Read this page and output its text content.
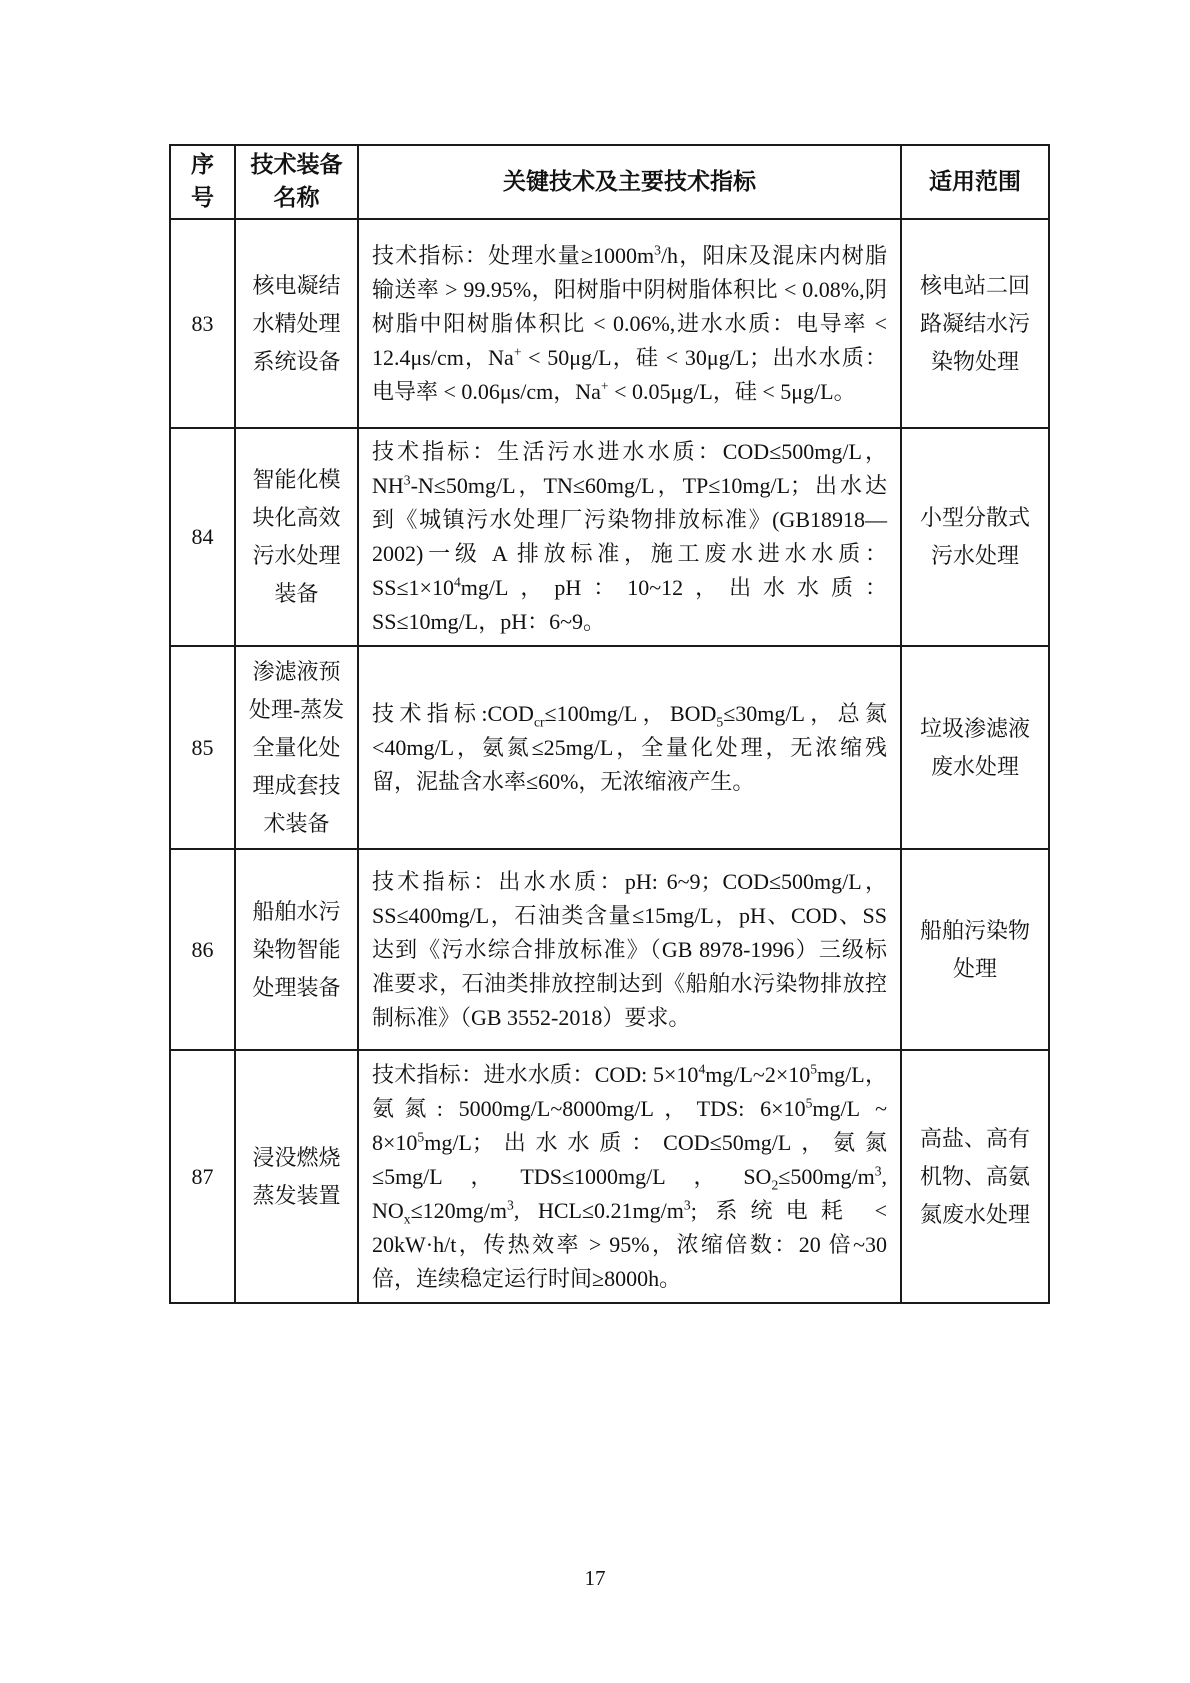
序号	技术装备名称	关键技术及主要技术指标	适用范围
83	核电凝结水精处理系统设备	技术指标：处理水量$\ge 1000m^3/h$，阳床及混床内树脂输送率 > 99.95%，阳树脂中阴树脂体积比 < 0.08%,阴树脂中阳树脂体积比 < 0.06%,进水水质：电导率 < 12.4μs/cm，Na+ < 50μg/L，硅 < 30μg/L；出水水质：电导率 < 0.06μs/cm，Na+ < 0.05μg/L，硅 < 5μg/L。	核电站二回路凝结水污染物处理
84	智能化模块化高效污水处理装备	技术指标：生活污水进水水质：COD≤500mg/L，$NH^3-N\le 50mg/L$，TN≤60mg/L，TP≤10mg/L；出水达到《城镇污水处理厂污染物排放标准》(GB18918—2002)一级 A 排放标准，施工废水进水水质：$SS\le 1\times 10^4mg/L$，pH：10~12，出水水质：SS≤10mg/L，pH：6~9。	小型分散式污水处理
85	渗滤液预处理-蒸发全量化处理成套技术装备	技术指标$:COD_{cr}\le 100mg/L$，$BOD_5\le 30mg/L$，总氮<40mg/L，氨氮≤25mg/L，全量化处理，无浓缩残留，泥盐含水率≤60%，无浓缩液产生。	垃圾渗滤液废水处理
86	船舶水污染物智能处理装备	技术指标：出水水质：pH: 6~9；COD≤500mg/L，SS≤400mg/L，石油类含量≤15mg/L，pH、COD、SS 达到《污水综合排放标准》（GB 8978-1996）三级标准要求，石油类排放控制达到《船舶水污染物排放控制标准》（GB 3552-2018）要求。	船舶污染物处理
87	浸没燃烧蒸发装置	技术指标：进水水质：COD: $5\times 10^4mg/L\sim 2\times 10^5mg/L$，氨氮: 5000mg/L~8000mg/L，TDS: $6\times 10^5mg/L$ ~ $8\times 10^5mg/L$；出水水质：COD≤50mg/L，氨氮≤5mg/L，TDS≤1000mg/L，$SO_2\le 500mg/m^3$, $NO_x\le 120mg/m^3$, $HCL\le 0.21mg/m^3$; 系统电耗 < 20kW·h/t，传热效率 > 95%，浓缩倍数：20 倍~30 倍，连续稳定运行时间≥8000h。	高盐、高有机物、高氨氮废水处理
17
